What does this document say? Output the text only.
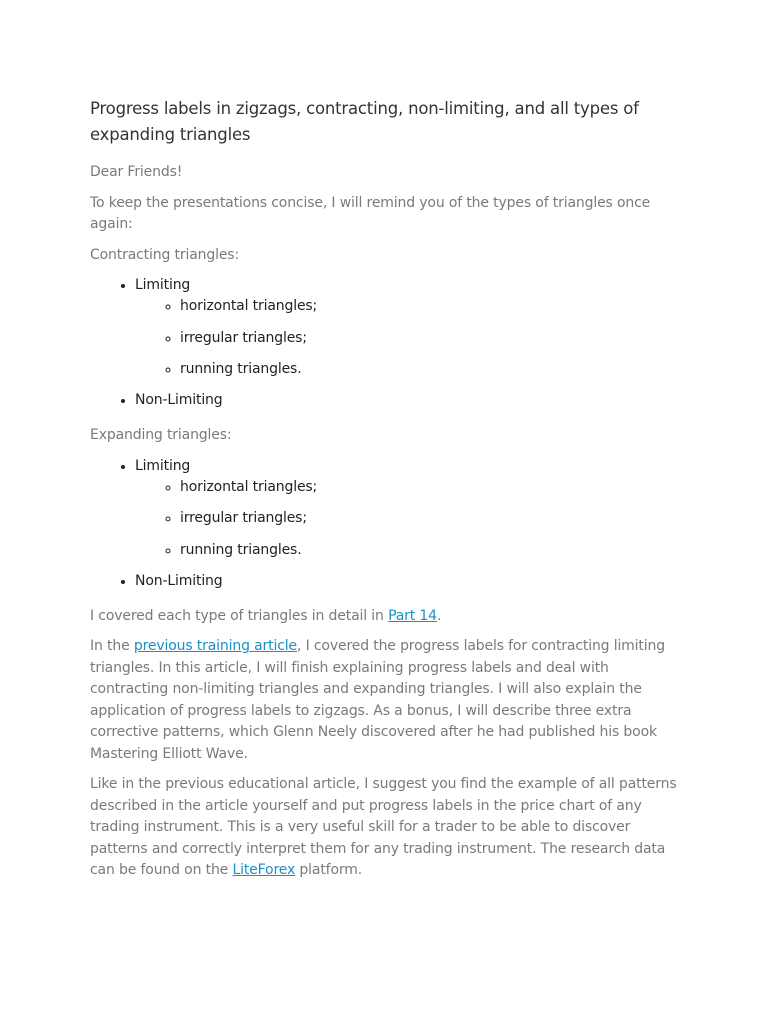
Progress labels in zigzags, contracting, non-limiting, and all types of expanding triangles

Dear Friends!

To keep the presentations concise, I will remind you of the types of triangles once again:

Contracting triangles:

• Limiting
◦ horizontal triangles;
◦ irregular triangles;
◦ running triangles.
• Non-Limiting

Expanding triangles:

• Limiting
◦ horizontal triangles;
◦ irregular triangles;
◦ running triangles.
• Non-Limiting

I covered each type of triangles in detail in Part 14.

In the previous training article, I covered the progress labels for contracting limiting triangles. In this article, I will finish explaining progress labels and deal with contracting non-limiting triangles and expanding triangles. I will also explain the application of progress labels to zigzags. As a bonus, I will describe three extra corrective patterns, which Glenn Neely discovered after he had published his book Mastering Elliott Wave.

Like in the previous educational article, I suggest you find the example of all patterns described in the article yourself and put progress labels in the price chart of any trading instrument. This is a very useful skill for a trader to be able to discover patterns and correctly interpret them for any trading instrument. The research data can be found on the LiteForex platform.
